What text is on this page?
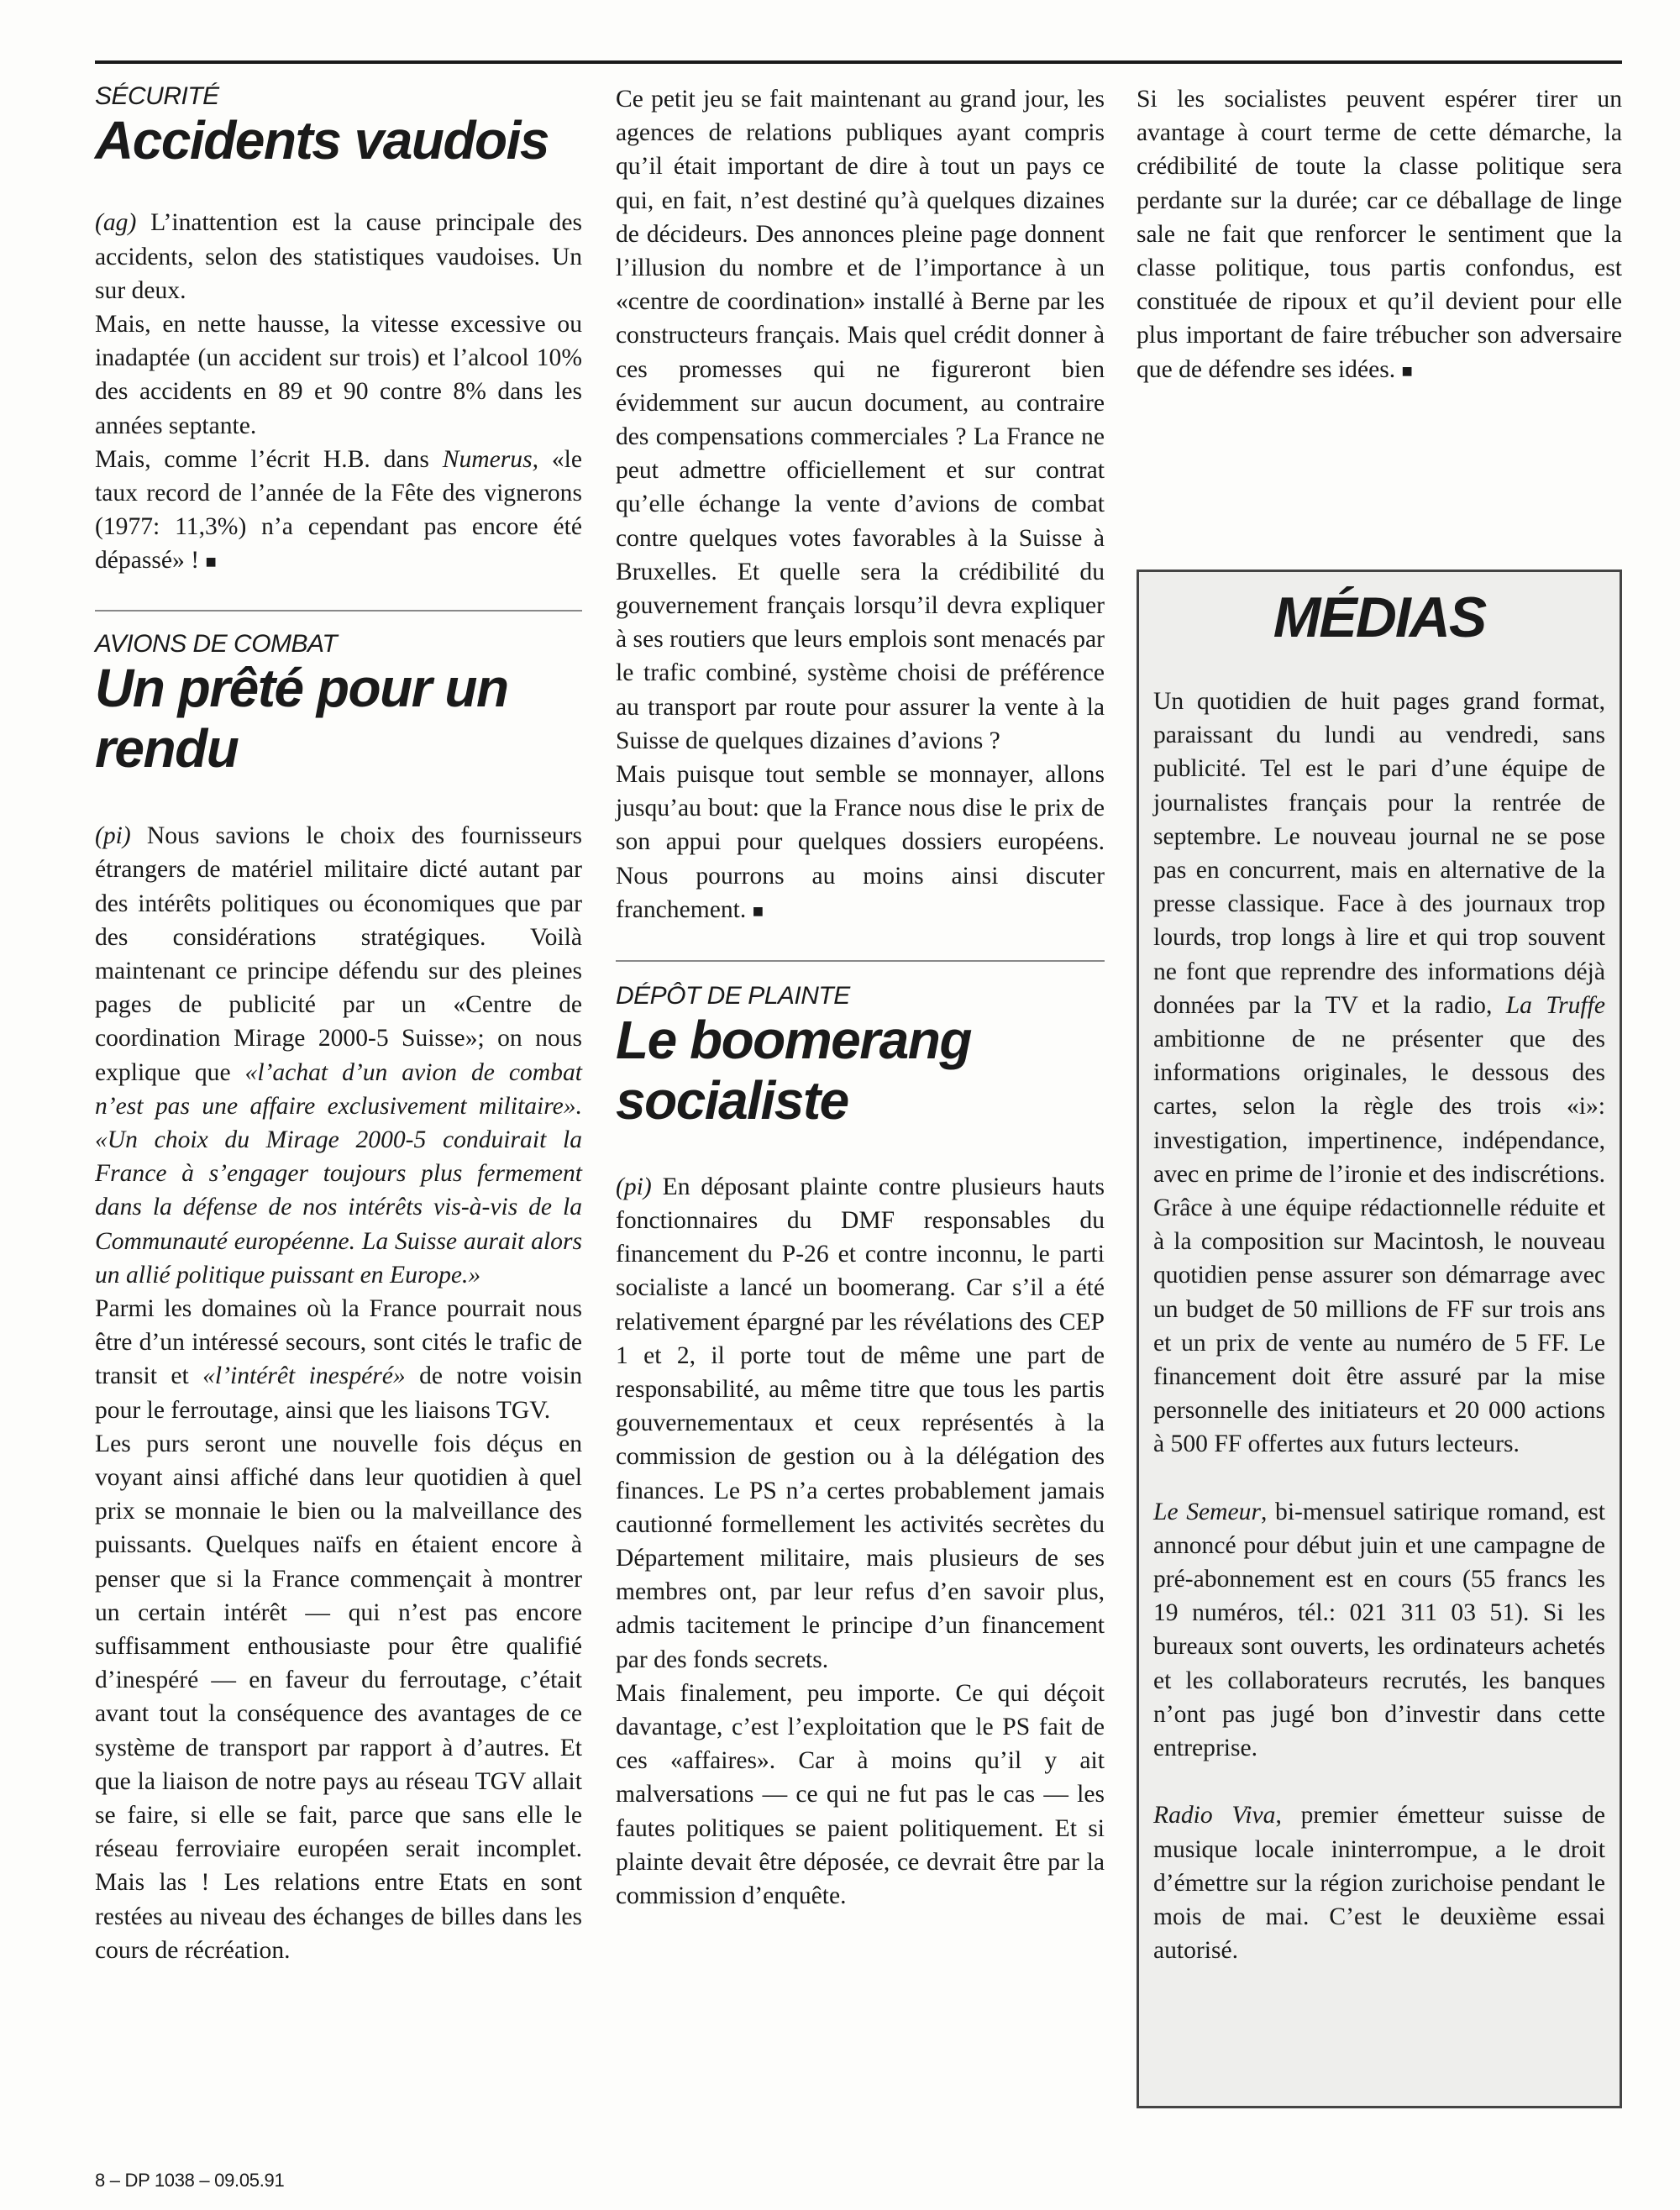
SÉCURITÉ
Accidents vaudois

(ag) L’inattention est la cause principale des accidents, selon des statistiques vaudoises. Un sur deux.

Mais, en nette hausse, la vitesse excessive ou inadaptée (un accident sur trois) et l’alcool 10% des accidents en 89 et 90 contre 8% dans les années septante.

Mais, comme l’écrit H.B. dans Numerus, «le taux record de l’année de la Fête des vignerons (1977: 11,3%) n’a cependant pas encore été dépassé» ! ■

AVIONS DE COMBAT
Un prêté pour un rendu

(pi) Nous savions le choix des fournisseurs étrangers de matériel militaire dicté autant par des intérêts politiques ou économiques que par des considérations stratégiques. Voilà maintenant ce principe défendu sur des pleines pages de publicité par un «Centre de coordination Mirage 2000-5 Suisse»; on nous explique que «l’achat d’un avion de combat n’est pas une affaire exclusivement militaire». «Un choix du Mirage 2000-5 conduirait la France à s’engager toujours plus fermement dans la défense de nos intérêts vis-à-vis de la Communauté européenne. La Suisse aurait alors un allié politique puissant en Europe.»

Parmi les domaines où la France pourrait nous être d’un intéressé secours, sont cités le trafic de transit et «l’intérêt inespéré» de notre voisin pour le ferroutage, ainsi que les liaisons TGV.

Les purs seront une nouvelle fois déçus en voyant ainsi affiché dans leur quotidien à quel prix se monnaie le bien ou la malveillance des puissants. Quelques naïfs en étaient encore à penser que si la France commençait à montrer un certain intérêt — qui n’est pas encore suffisamment enthousiaste pour être qualifié d’inespéré — en faveur du ferroutage, c’était avant tout la conséquence des avantages de ce système de transport par rapport à d’autres. Et que la liaison de notre pays au réseau TGV allait se faire, si elle se fait, parce que sans elle le réseau ferroviaire européen serait incomplet. Mais las ! Les relations entre Etats en sont restées au niveau des échanges de billes dans les cours de récréation.

Ce petit jeu se fait maintenant au grand jour, les agences de relations publiques ayant compris qu’il était important de dire à tout un pays ce qui, en fait, n’est destiné qu’à quelques dizaines de décideurs. Des annonces pleine page donnent l’illusion du nombre et de l’importance à un «centre de coordination» installé à Berne par les constructeurs français. Mais quel crédit donner à ces promesses qui ne figureront bien évidemment sur aucun document, au contraire des compensations commerciales ? La France ne peut admettre officiellement et sur contrat qu’elle échange la vente d’avions de combat contre quelques votes favorables à la Suisse à Bruxelles. Et quelle sera la crédibilité du gouvernement français lorsqu’il devra expliquer à ses routiers que leurs emplois sont menacés par le trafic combiné, système choisi de préférence au transport par route pour assurer la vente à la Suisse de quelques dizaines d’avions ?

Mais puisque tout semble se monnayer, allons jusqu’au bout: que la France nous dise le prix de son appui pour quelques dossiers européens. Nous pourrons au moins ainsi discuter franchement. ■

DÉPÔT DE PLAINTE
Le boomerang socialiste

(pi) En déposant plainte contre plusieurs hauts fonctionnaires du DMF responsables du financement du P-26 et contre inconnu, le parti socialiste a lancé un boomerang. Car s’il a été relativement épargné par les révélations des CEP 1 et 2, il porte tout de même une part de responsabilité, au même titre que tous les partis gouvernementaux et ceux représentés à la commission de gestion ou à la délégation des finances. Le PS n’a certes probablement jamais cautionné formellement les activités secrètes du Département militaire, mais plusieurs de ses membres ont, par leur refus d’en savoir plus, admis tacitement le principe d’un financement par des fonds secrets.

Mais finalement, peu importe. Ce qui déçoit davantage, c’est l’exploitation que le PS fait de ces «affaires». Car à moins qu’il y ait malversations — ce qui ne fut pas le cas — les fautes politiques se paient politiquement. Et si plainte devait être déposée, ce devrait être par la commission d’enquête.

Si les socialistes peuvent espérer tirer un avantage à court terme de cette démarche, la crédibilité de toute la classe politique sera perdante sur la durée; car ce déballage de linge sale ne fait que renforcer le sentiment que la classe politique, tous partis confondus, est constituée de ripoux et qu’il devient pour elle plus important de faire trébucher son adversaire que de défendre ses idées. ■

MÉDIAS

Un quotidien de huit pages grand format, paraissant du lundi au vendredi, sans publicité. Tel est le pari d’une équipe de journalistes français pour la rentrée de septembre. Le nouveau journal ne se pose pas en concurrent, mais en alternative de la presse classique. Face à des journaux trop lourds, trop longs à lire et qui trop souvent ne font que reprendre des informations déjà données par la TV et la radio, La Truffe ambitionne de ne présenter que des informations originales, le dessous des cartes, selon la règle des trois «i»: investigation, impertinence, indépendance, avec en prime de l’ironie et des indiscrétions. Grâce à une équipe rédactionnelle réduite et à la composition sur Macintosh, le nouveau quotidien pense assurer son démarrage avec un budget de 50 millions de FF sur trois ans et un prix de vente au numéro de 5 FF. Le financement doit être assuré par la mise personnelle des initiateurs et 20 000 actions à 500 FF offertes aux futurs lecteurs.

Le Semeur, bi-mensuel satirique romand, est annoncé pour début juin et une campagne de pré-abonnement est en cours (55 francs les 19 numéros, tél.: 021 311 03 51). Si les bureaux sont ouverts, les ordinateurs achetés et les collaborateurs recrutés, les banques n’ont pas jugé bon d’investir dans cette entreprise.

Radio Viva, premier émetteur suisse de musique locale ininterrompue, a le droit d’émettre sur la région zurichoise pendant le mois de mai. C’est le deuxième essai autorisé.

8 – DP 1038 – 09.05.91
